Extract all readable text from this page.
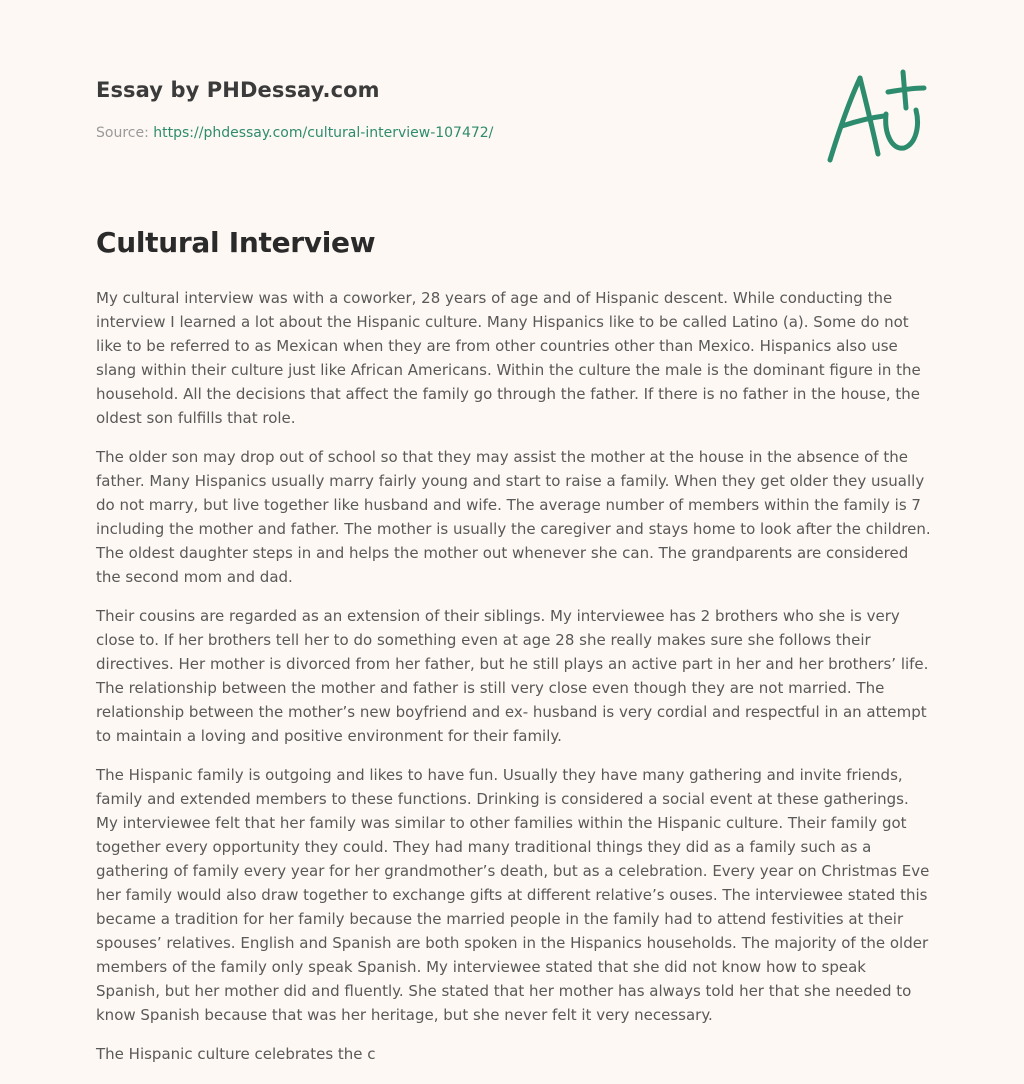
Essay by PHDessay.com
Source: https://phdessay.com/cultural-interview-107472/
Cultural Interview

My cultural interview was with a coworker, 28 years of age and of Hispanic descent. While conducting the interview I learned a lot about the Hispanic culture. Many Hispanics like to be called Latino (a). Some do not like to be referred to as Mexican when they are from other countries other than Mexico. Hispanics also use slang within their culture just like African Americans. Within the culture the male is the dominant figure in the household. All the decisions that affect the family go through the father. If there is no father in the house, the oldest son fulfills that role.

The older son may drop out of school so that they may assist the mother at the house in the absence of the father. Many Hispanics usually marry fairly young and start to raise a family. When they get older they usually do not marry, but live together like husband and wife. The average number of members within the family is 7 including the mother and father. The mother is usually the caregiver and stays home to look after the children. The oldest daughter steps in and helps the mother out whenever she can. The grandparents are considered the second mom and dad.

Their cousins are regarded as an extension of their siblings. My interviewee has 2 brothers who she is very close to. If her brothers tell her to do something even at age 28 she really makes sure she follows their directives. Her mother is divorced from her father, but he still plays an active part in her and her brothers’ life. The relationship between the mother and father is still very close even though they are not married. The relationship between the mother’s new boyfriend and ex- husband is very cordial and respectful in an attempt to maintain a loving and positive environment for their family.

The Hispanic family is outgoing and likes to have fun. Usually they have many gathering and invite friends, family and extended members to these functions. Drinking is considered a social event at these gatherings. My interviewee felt that her family was similar to other families within the Hispanic culture. Their family got together every opportunity they could. They had many traditional things they did as a family such as a gathering of family every year for her grandmother’s death, but as a celebration. Every year on Christmas Eve her family would also draw together to exchange gifts at different relative’s ouses. The interviewee stated this became a tradition for her family because the married people in the family had to attend festivities at their spouses’ relatives. English and Spanish are both spoken in the Hispanics households. The majority of the older members of the family only speak Spanish. My interviewee stated that she did not know how to speak Spanish, but her mother did and fluently. She stated that her mother has always told her that she needed to know Spanish because that was her heritage, but she never felt it very necessary.

The Hispanic culture celebrates the c
